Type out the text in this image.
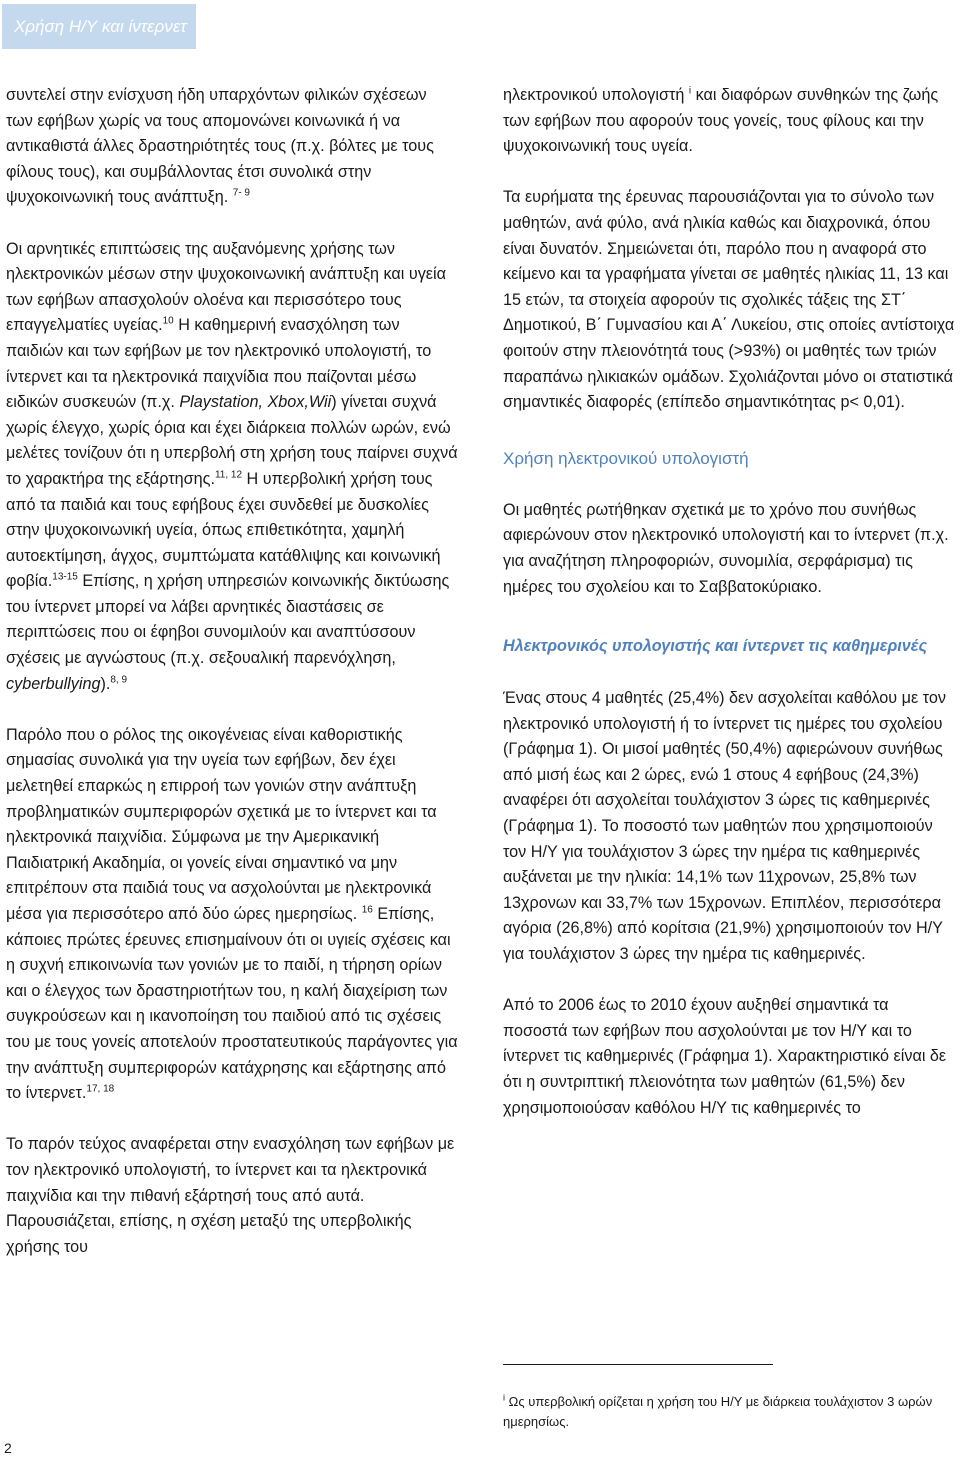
Χρήση Η/Υ και ίντερνετ

συντελεί στην ενίσχυση ήδη υπαρχόντων φιλικών σχέσεων των εφήβων χωρίς να τους απομονώνει κοινωνικά ή να αντικαθιστά άλλες δραστηριότητές τους (π.χ. βόλτες με τους φίλους τους), και συμβάλλοντας έτσι συνολικά στην ψυχοκοινωνική τους ανάπτυξη. $^{7- 9}$

Οι αρνητικές επιπτώσεις της αυξανόμενης χρήσης των ηλεκτρονικών μέσων στην ψυχοκοινωνική ανάπτυξη και υγεία των εφήβων απασχολούν ολοένα και περισσότερο τους επαγγελματίες υγείας.$^{10}$ Η καθημερινή ενασχόληση των παιδιών και των εφήβων με τον ηλεκτρονικό υπολογιστή, το ίντερνετ και τα ηλεκτρονικά παιχνίδια που παίζονται μέσω ειδικών συσκευών (π.χ. Playstation, Xbox,Wii) γίνεται συχνά χωρίς έλεγχο, χωρίς όρια και έχει διάρκεια πολλών ωρών, ενώ μελέτες τονίζουν ότι η υπερβολή στη χρήση τους παίρνει συχνά το χαρακτήρα της εξάρτησης.$^{11, 12}$ Η υπερβολική χρήση τους από τα παιδιά και τους εφήβους έχει συνδεθεί με δυσκολίες στην ψυχοκοινωνική υγεία, όπως επιθετικότητα, χαμηλή αυτοεκτίμηση, άγχος, συμπτώματα κατάθλιψης και κοινωνική φοβία.$^{13-15}$ Επίσης, η χρήση υπηρεσιών κοινωνικής δικτύωσης του ίντερνετ μπορεί να λάβει αρνητικές διαστάσεις σε περιπτώσεις που οι έφηβοι συνομιλούν και αναπτύσσουν σχέσεις με αγνώστους (π.χ. σεξουαλική παρενόχληση, cyberbullying).$^{8, 9}$

Παρόλο που ο ρόλος της οικογένειας είναι καθοριστικής σημασίας συνολικά για την υγεία των εφήβων, δεν έχει μελετηθεί επαρκώς η επιρροή των γονιών στην ανάπτυξη προβληματικών συμπεριφορών σχετικά με το ίντερνετ και τα ηλεκτρονικά παιχνίδια. Σύμφωνα με την Αμερικανική Παιδιατρική Ακαδημία, οι γονείς είναι σημαντικό να μην επιτρέπουν στα παιδιά τους να ασχολούνται με ηλεκτρονικά μέσα για περισσότερο από δύο ώρες ημερησίως. $^{16}$ Επίσης, κάποιες πρώτες έρευνες επισημαίνουν ότι οι υγιείς σχέσεις και η συχνή επικοινωνία των γονιών με το παιδί, η τήρηση ορίων και ο έλεγχος των δραστηριοτήτων του, η καλή διαχείριση των συγκρούσεων και η ικανοποίηση του παιδιού από τις σχέσεις του με τους γονείς αποτελούν προστατευτικούς παράγοντες για την ανάπτυξη συμπεριφορών κατάχρησης και εξάρτησης από το ίντερνετ.$^{17, 18}$

Το παρόν τεύχος αναφέρεται στην ενασχόληση των εφήβων με τον ηλεκτρονικό υπολογιστή, το ίντερνετ και τα ηλεκτρονικά παιχνίδια και την πιθανή εξάρτησή τους από αυτά. Παρουσιάζεται, επίσης, η σχέση μεταξύ της υπερβολικής χρήσης του

ηλεκτρονικού υπολογιστή $^i$ και διαφόρων συνθηκών της ζωής των εφήβων που αφορούν τους γονείς, τους φίλους και την ψυχοκοινωνική τους υγεία.

Τα ευρήματα της έρευνας παρουσιάζονται για το σύνολο των μαθητών, ανά φύλο, ανά ηλικία καθώς και διαχρονικά, όπου είναι δυνατόν. Σημειώνεται ότι, παρόλο που η αναφορά στο κείμενο και τα γραφήματα γίνεται σε μαθητές ηλικίας 11, 13 και 15 ετών, τα στοιχεία αφορούν τις σχολικές τάξεις της ΣΤ΄ Δημοτικού, Β΄ Γυμνασίου και Α΄ Λυκείου, στις οποίες αντίστοιχα φοιτούν στην πλειονότητά τους (>93%) οι μαθητές των τριών παραπάνω ηλικιακών ομάδων. Σχολιάζονται μόνο οι στατιστικά σημαντικές διαφορές (επίπεδο σημαντικότητας p< 0,01).

Χρήση ηλεκτρονικού υπολογιστή

Οι μαθητές ρωτήθηκαν σχετικά με το χρόνο που συνήθως αφιερώνουν στον ηλεκτρονικό υπολογιστή και το ίντερνετ (π.χ. για αναζήτηση πληροφοριών, συνομιλία, σερφάρισμα) τις ημέρες του σχολείου και το Σαββατοκύριακο.

Ηλεκτρονικός υπολογιστής και ίντερνετ τις καθημερινές

Ένας στους 4 μαθητές (25,4%) δεν ασχολείται καθόλου με τον ηλεκτρονικό υπολογιστή ή το ίντερνετ τις ημέρες του σχολείου (Γράφημα 1). Οι μισοί μαθητές (50,4%) αφιερώνουν συνήθως από μισή έως και 2 ώρες, ενώ 1 στους 4 εφήβους (24,3%) αναφέρει ότι ασχολείται τουλάχιστον 3 ώρες τις καθημερινές (Γράφημα 1). Το ποσοστό των μαθητών που χρησιμοποιούν τον Η/Υ για τουλάχιστον 3 ώρες την ημέρα τις καθημερινές αυξάνεται με την ηλικία: 14,1% των 11χρονων, 25,8% των 13χρονων και 33,7% των 15χρονων. Επιπλέον, περισσότερα αγόρια (26,8%) από κορίτσια (21,9%) χρησιμοποιούν τον Η/Υ για τουλάχιστον 3 ώρες την ημέρα τις καθημερινές.

Από το 2006 έως το 2010 έχουν αυξηθεί σημαντικά τα ποσοστά των εφήβων που ασχολούνται με τον Η/Υ και το ίντερνετ τις καθημερινές (Γράφημα 1). Χαρακτηριστικό είναι δε ότι η συντριπτική πλειονότητα των μαθητών (61,5%) δεν χρησιμοποιούσαν καθόλου Η/Υ τις καθημερινές το

$^i$ Ως υπερβολική ορίζεται η χρήση του Η/Υ με διάρκεια τουλάχιστον 3 ωρών ημερησίως.
2
